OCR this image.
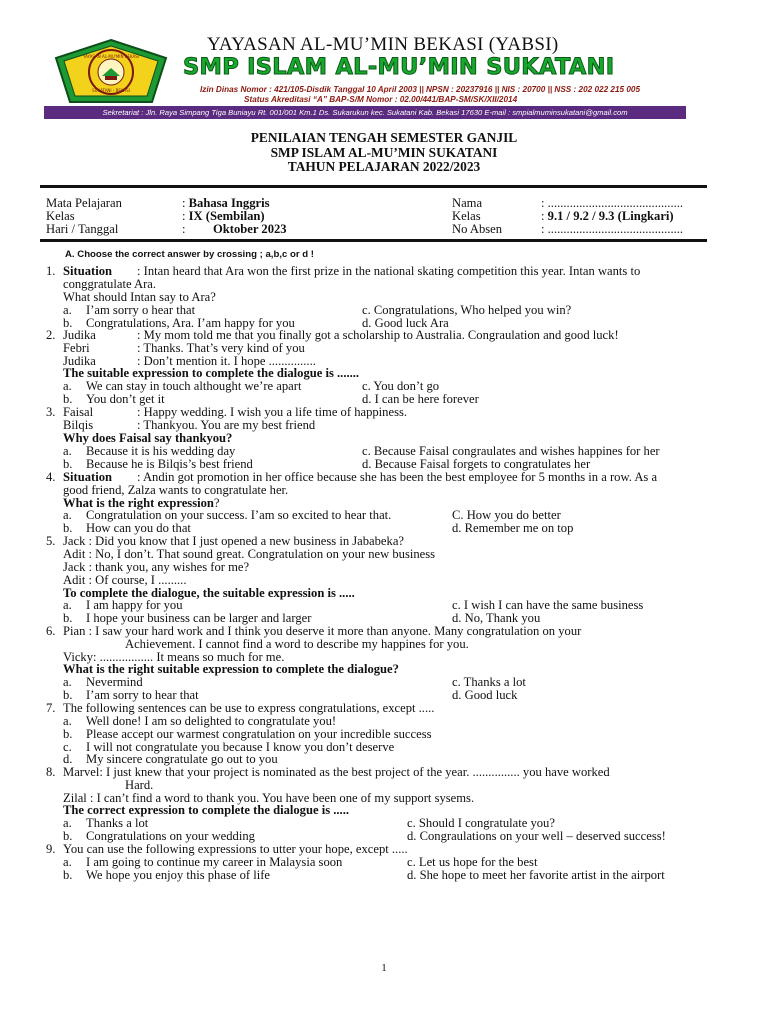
YAYASAN AL-MU'MIN BEKASI
SUKATANI - BEKASI
YAYASAN AL-MU’MIN BEKASI (YABSI)
SMP ISLAM AL-MU’MIN SUKATANI
Izin Dinas Nomor : 421/105-Disdik Tanggal 10 April 2003 || NPSN : 20237916 || NIS : 20700 || NSS : 202 022 215 005
Status Akreditasi “A” BAP-S/M Nomor : 02.00/441/BAP-SM/SK/XII/2014
Sekretariat : Jln. Raya Simpang Tiga Buniayu Rt. 001/001 Km.1 Ds. Sukarukun kec. Sukatani Kab. Bekasi 17630 E-mail : smpialmuminsukatani@gmail.com
PENILAIAN TENGAH SEMESTER GANJIL
SMP ISLAM AL-MU’MIN SUKATANI
TAHUN PELAJARAN 2022/2023
Mata Pelajaran	: Bahasa Inggris
Kelas	: IX (Sembilan)
Hari / Tanggal	: Oktober 2023
Nama	: ...........................................
Kelas	: 9.1 / 9.2 / 9.3 (Lingkari)
No Absen	: ...........................................
A. Choose the correct answer by crossing ; a,b,c or d !
1. Situation : Intan heard that Ara won the first prize in the national skating competition this year. Intan wants to
conggratulate Ara.
What should Intan say to Ara?
a. I’am sorry o hear that	c. Congratulations, Who helped you win?
b. Congratulations, Ara. I’am happy for you	d. Good luck Ara
2. Judika	: My mom told me that you finally got a scholarship to Australia. Congraulation and good luck!
Febri	: Thanks. That’s very kind of you
Judika	: Don’t mention it. I hope ...............
The suitable expression to complete the dialogue is .......
a. We can stay in touch althought we’re apart	c. You don’t go
b. You don’t get it	d. I can be here forever
3. Faisal	: Happy wedding. I wish you a life time of happiness.
Bilqis	: Thankyou. You are my best friend
Why does Faisal say thankyou?
a. Because it is his wedding day	c. Because Faisal congraulates and wishes happines for her
b. Because he is Bilqis’s best friend	d. Because Faisal forgets to congratulates her
4. Situation : Andin got promotion in her office because she has been the best employee for 5 months in a row. As a
good friend, Zalza wants to congratulate her.
What is the right expression?
a. Congratulation on your success. I’am so excited to hear that.	C. How you do better
b. How can you do that	d. Remember me on top
5. Jack : Did you know that I just opened a new business in Jababeka?
Adit : No, I don’t. That sound great. Congratulation on your new business
Jack : thank you, any wishes for me?
Adit : Of course, I .........
To complete the dialogue, the suitable expression is .....
a. I am happy for you	c. I wish I can have the same business
b. I hope your business can be larger and larger	d. No, Thank you
6. Pian : I saw your hard work and I think you deserve it more than anyone. Many congratulation on your
Achievement. I cannot find a word to describe my happines for you.
Vicky: ................. It means so much for me.
What is the right suitable expression to complete the dialogue?
a. Nevermind	c. Thanks a lot
b. I’am sorry to hear that	d. Good luck
7. The following sentences can be use to express congratulations, except .....
a. Well done! I am so delighted to congratulate you!
b. Please accept our warmest congratulation on your incredible success
c. I will not congratulate you because I know you don’t deserve
d. My sincere congratulate go out to you
8. Marvel: I just knew that your project is nominated as the best project of the year. ............... you have worked
Hard.
Zilal : I can’t find a word to thank you. You have been one of my support sysems.
The correct expression to complete the dialogue is .....
a. Thanks a lot	c. Should I congratulate you?
b. Congratulations on your wedding	d. Congraulations on your well – deserved success!
9. You can use the following expressions to utter your hope, except .....
a. I am going to continue my career in Malaysia soon	c. Let us hope for the best
b. We hope you enjoy this phase of life	d. She hope to meet her favorite artist in the airport
1
